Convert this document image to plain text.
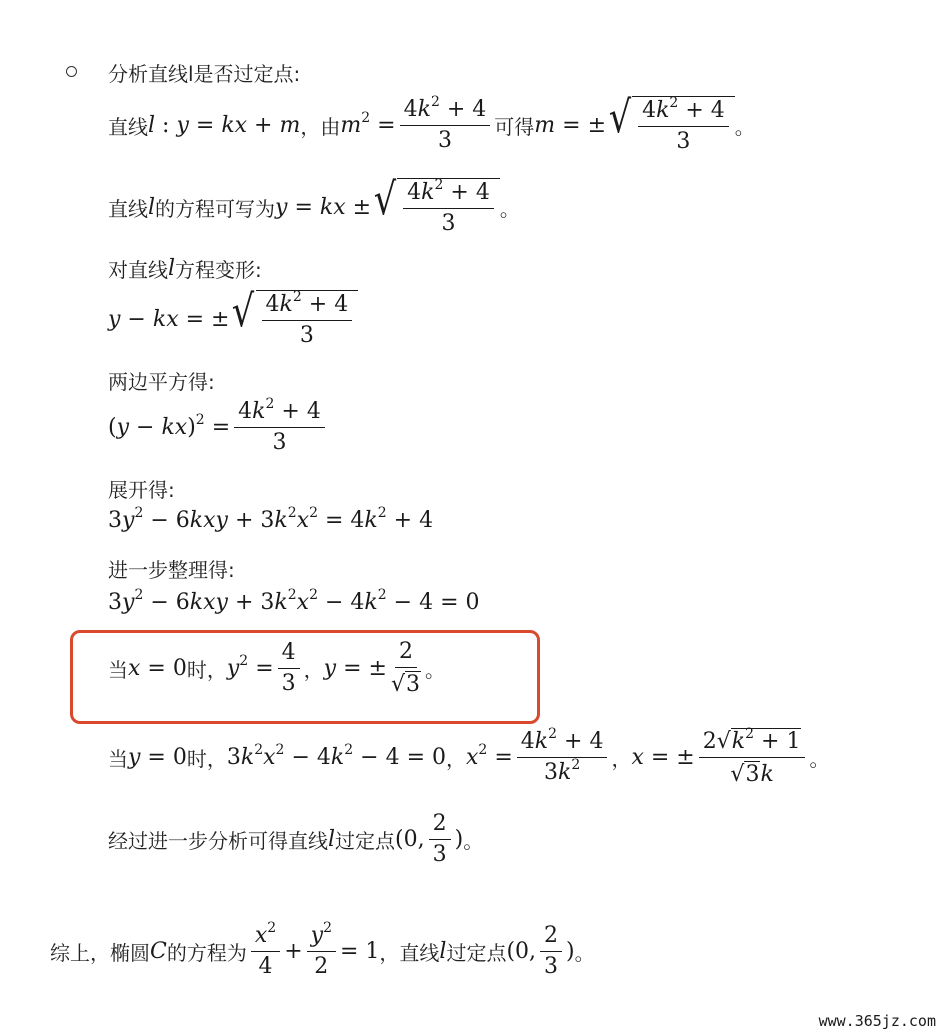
分析直线l是否过定点:
直线 l : y = kx + m ，由 $m^2 = \frac{4k^2 + 4}{3}$ 可得 m = ± √ $\frac{4k^2 + 4}{3}$ 。
直线 l 的方程可写为 y = kx ± √ $\frac{4k^2 + 4}{3}$ 。
对直线 l 方程变形:
y − kx = ± √ $\frac{4k^2 + 4}{3}$
两边平方得:
$(y - kx)^2 = \frac{4k^2 + 4}{3}$
展开得:
$3y^2 - 6kxy + 3k^2x^2 = 4k^2 + 4$
进一步整理得:
$3y^2 - 6kxy + 3k^2x^2 - 4k^2 - 4 = 0$
当 x = 0 时， $y^2 = \frac{4}{3}$ ， y = ± $\frac{2}{√ 3}$ 。
当 y = 0 时， $3k^2x^2 - 4k^2 - 4 = 0$ ， $x^2 = \frac{4k^2 + 4}{3k^2}$ ， x = ± $\frac{2 √ k^2 + 1}{√ 3 k}$ 。
经过进一步分析可得直线 l 过定点 (0, $\frac{2}{3}$ ) 。
综上，椭圆 C 的方程为 $\frac{x^2}{4} + \frac{y^2}{2} = 1$ ，直线 l 过定点 (0, $\frac{2}{3}$ ) 。
www.365jz.com
